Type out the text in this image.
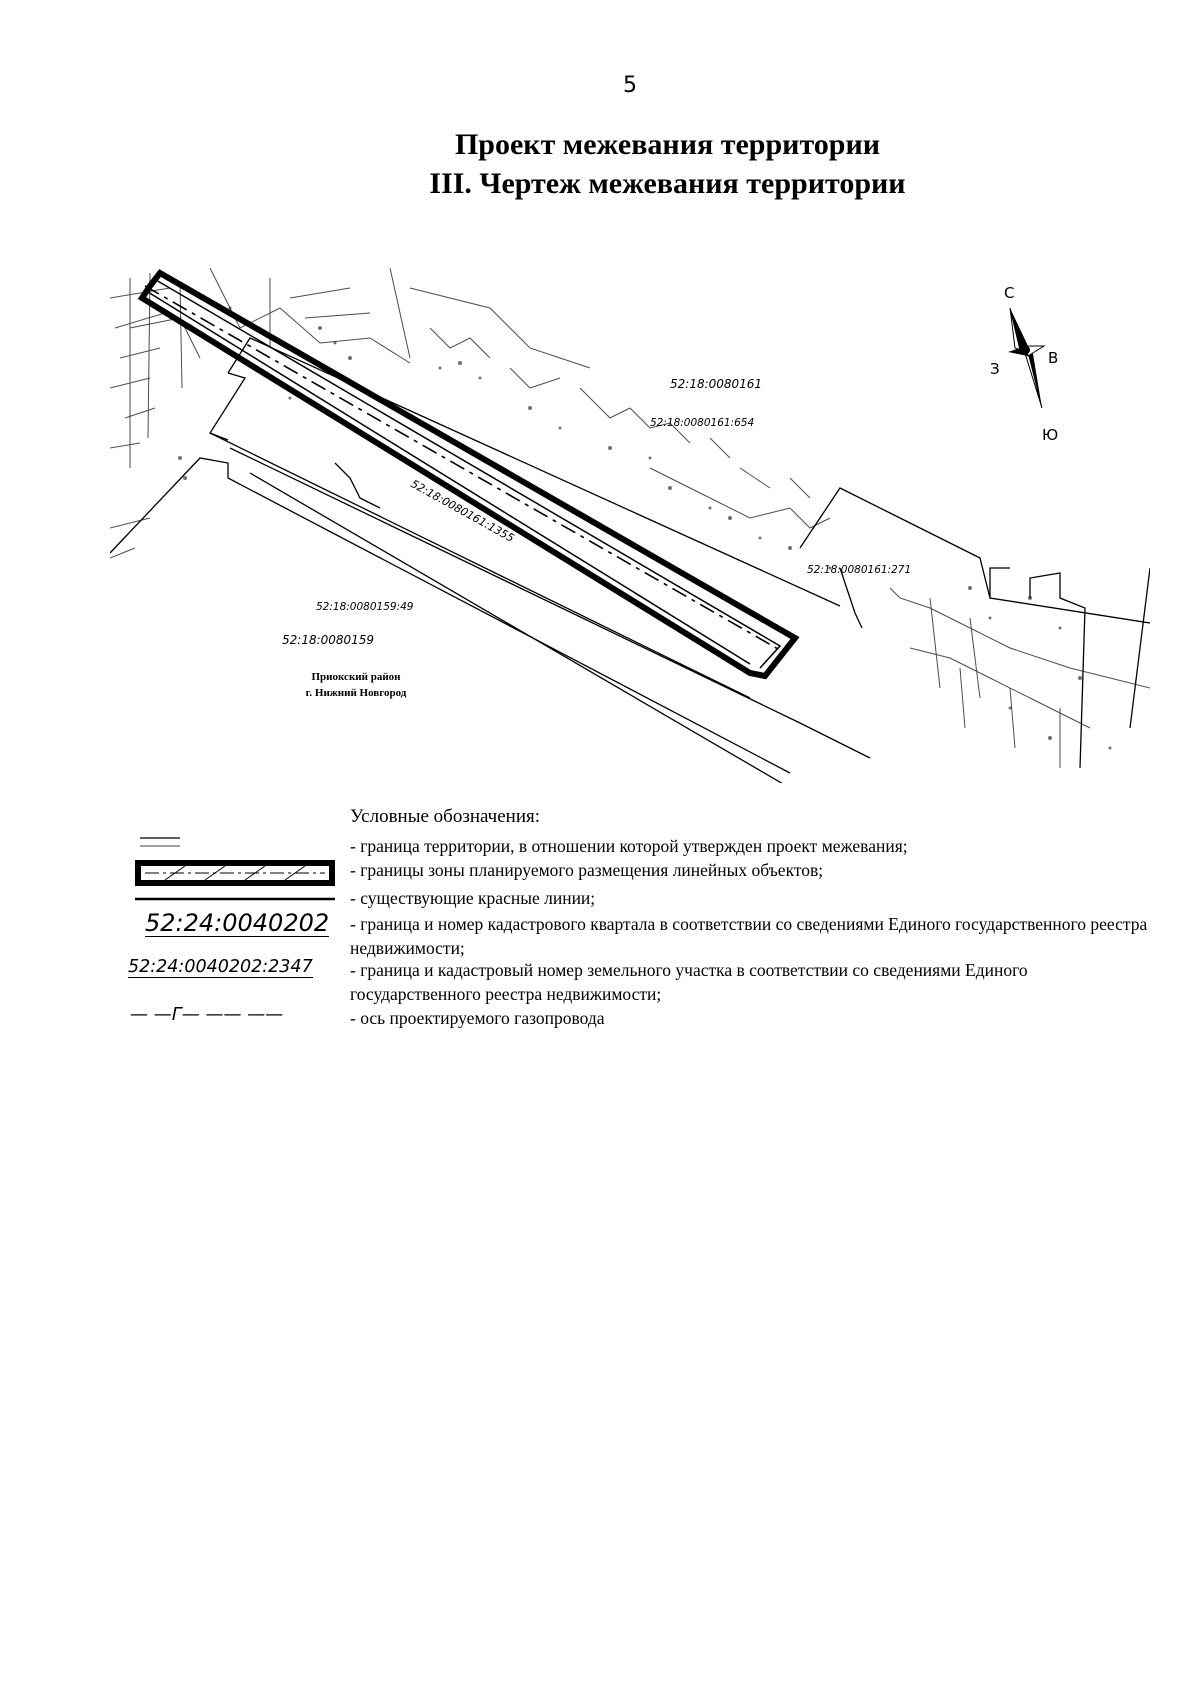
5
Проект межевания территории
III. Чертеж межевания территории
52:18:0080161
52:18:0080161:654
52:18:0080161:1355
52:18:0080161:271
52:18:0080159:49
52:18:0080159
Приокский район
г. Нижний Новгород
С
В
Ю
З
Условные обозначения:
- граница территории, в отношении которой утвержден проект межевания;
- границы зоны планируемого размещения линейных объектов;
- существующие красные линии;
52:24:0040202 - граница и номер кадастрового квартала в соответствии со сведениями Единого государственного реестра недвижимости;
52:24:0040202:2347 - граница и кадастровый номер земельного участка в соответствии со сведениями Единого государственного реестра недвижимости;
— —Г— —— ——	- ось проектируемого газопровода
